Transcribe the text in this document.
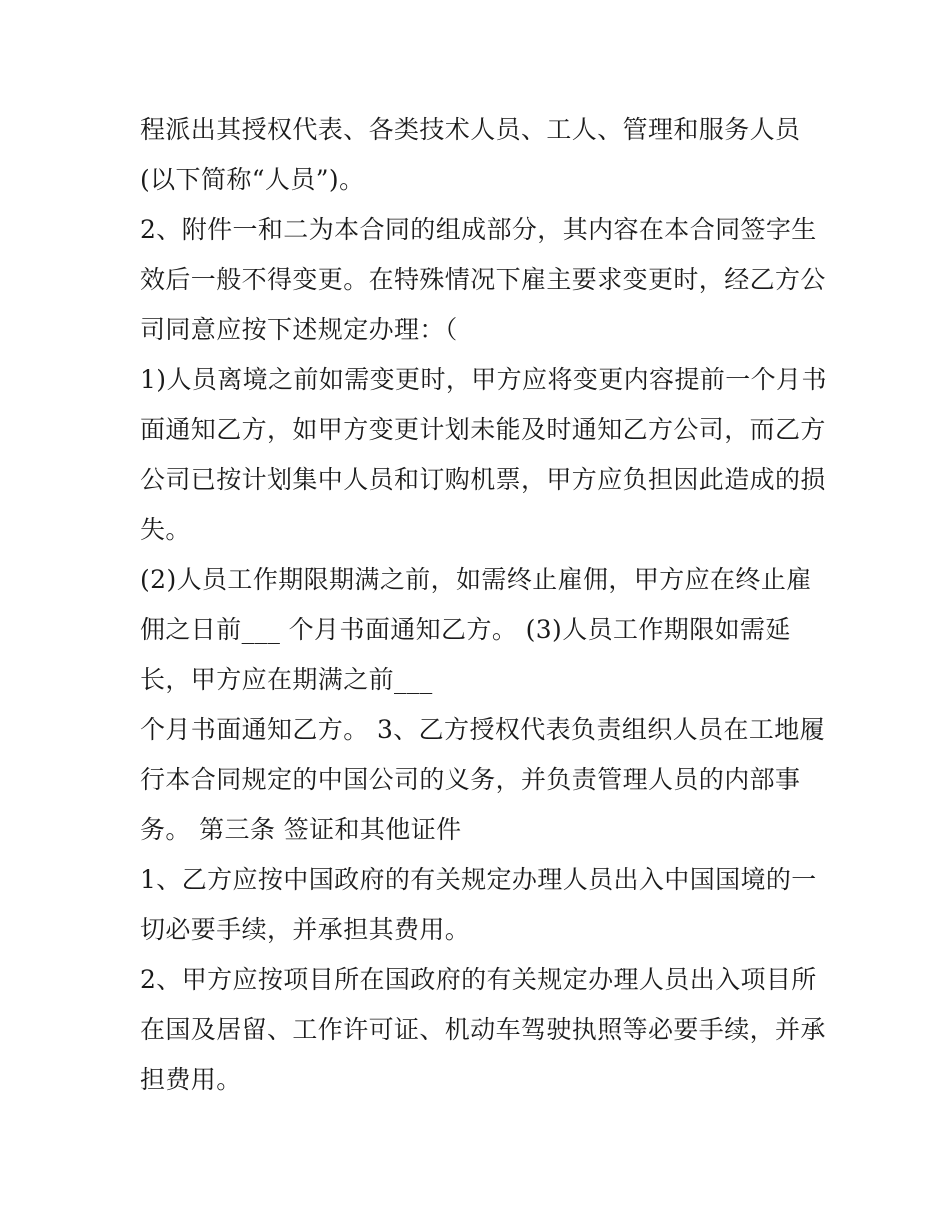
程派出其授权代表、各类技术人员、工人、管理和服务人员
(以下简称“人员”)。
2、附件一和二为本合同的组成部分，其内容在本合同签字生
效后一般不得变更。在特殊情况下雇主要求变更时，经乙方公
司同意应按下述规定办理：（
1)人员离境之前如需变更时，甲方应将变更内容提前一个月书
面通知乙方，如甲方变更计划未能及时通知乙方公司，而乙方
公司已按计划集中人员和订购机票，甲方应负担因此造成的损
失。
(2)人员工作期限期满之前，如需终止雇佣，甲方应在终止雇
佣之日前___ 个月书面通知乙方。 (3)人员工作期限如需延
长，甲方应在期满之前___
个月书面通知乙方。 3、乙方授权代表负责组织人员在工地履
行本合同规定的中国公司的义务，并负责管理人员的内部事
务。 第三条 签证和其他证件
1、乙方应按中国政府的有关规定办理人员出入中国国境的一
切必要手续，并承担其费用。
2、甲方应按项目所在国政府的有关规定办理人员出入项目所
在国及居留、工作许可证、机动车驾驶执照等必要手续，并承
担费用。
